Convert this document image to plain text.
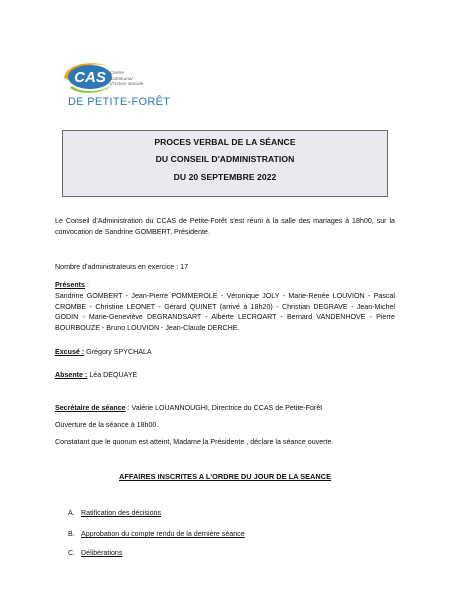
CAS Centre
Communal
d'Action Sociale
DE PETITE-FORÊT
PROCES VERBAL DE LA SÉANCE
DU CONSEIL D'ADMINISTRATION
DU 20 SEPTEMBRE 2022
Le Conseil d'Administration du CCAS de Petite-Forêt s'est réuni à la salle des mariages à 18h00, sur la convocation de Sandrine GOMBERT, Présidente.
Nombre d'administrateurs en exercice : 17
Présents :
Sandrine GOMBERT - Jean-Pierre POMMEROLE - Véronique JOLY - Marie-Renée LOUVION - Pascal CROMBE - Christine LEONET - Gérard QUINET (arrivé à 18h20) - Christian DEGRAVE - Jean-Michel GODIN - Marie-Geneviève DEGRANDSART - Albérte LECROART - Bernard VANDENHOVE - Pierre BOURBOUZE - Bruno LOUVION - Jean-Claude DERCHE.
Excusé : Grégory SPYCHALA
Absente : Léa DEQUAYE
Secrétaire de séance : Valérie LOUANNOUGHI, Directrice du CCAS de Petite-Forêt
Ouverture de la séance à 18h00.
Constatant que le quorum est atteint, Madame la Présidente , déclare la séance ouverte.
AFFAIRES INSCRITES A L'ORDRE DU JOUR DE LA SEANCE
A. Ratification des décisions
B. Approbation du compte rendu de la dernière séance
C. Délibérations
